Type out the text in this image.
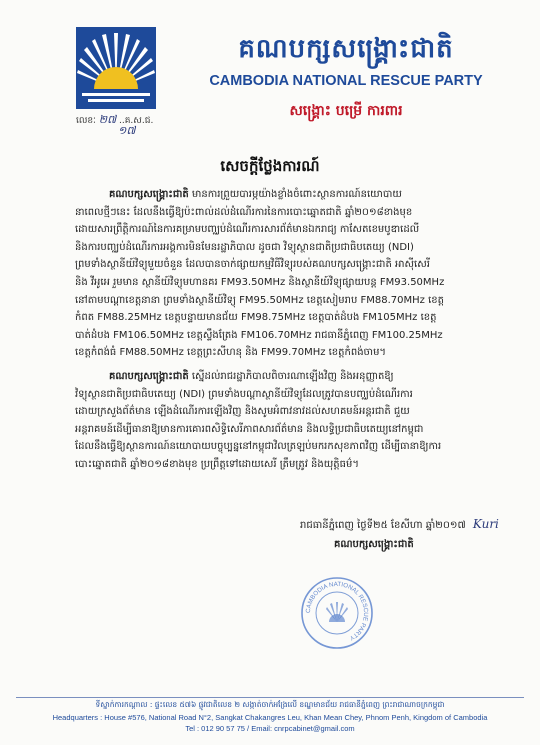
លេខៈ ២៧ ..គ.ស.ជ.
១៧
គណបក្សសង្គ្រោះជាតិ
CAMBODIA NATIONAL RESCUE PARTY
សង្គ្រោះ បម្រើ ការពារ
សេចក្តីថ្លែងការណ៍

គណបក្សសង្គ្រោះជាតិ មានការព្រួយបារម្ភយ៉ាងខ្លាំងចំពោះស្ថានការណ៍នយោបាយ

នាពេលថ្មីៗនេះ ដែលនឹងធ្វើឱ្យប៉ះពាល់ដល់ដំណើរការនៃការបោះឆ្នោតជាតិ ឆ្នាំ២០១៨ខាងមុខ

ដោយសារព្រឹត្តិការណ៍នៃការគម្រាមបញ្ឈប់ដំណើរការសារព័ត៌មានឯករាជ្យ កាសែតខេមបូឌាដេលី

និងការបញ្ឈប់ដំណើរការអង្គការមិនមែនរដ្ឋាភិបាល ដូចជា វិទ្យុស្ថានជាតិប្រជាធិបតេយ្យ (NDI)

ព្រមទាំងស្ថានីយ៍វិទ្យុមួយចំនួន ដែលបានចាក់ផ្សាយកម្មវិធីវិទ្យុរបស់គណបក្សសង្គ្រោះជាតិ អាស៊ីសេរី

និង វីអូអេ រួមមាន ស្ថានីយ៍វិទ្យុមហានគរ FM93.50MHz និងស្ថានីយ៍វិទ្យុផ្សាយបន្ត FM93.50MHz

នៅតាមបណ្តាខេត្តនានា ព្រមទាំងស្ថានីយ៍វិទ្យុ FM95.50MHz ខេត្តសៀមរាប FM88.70MHz ខេត្ត

កំពត FM88.25MHz ខេត្តបន្ទាយមានជ័យ FM98.75MHz ខេត្តបាត់ដំបង FM105MHz ខេត្ត

បាត់ដំបង FM106.50MHz ខេត្តស្ទឹងត្រែង FM106.70MHz រាជធានីភ្នំពេញ FM100.25MHz

ខេត្តកំពង់ធំ FM88.50MHz ខេត្តព្រះសីហនុ និង FM99.70MHz ខេត្តកំពង់ចាម។

គណបក្សសង្គ្រោះជាតិ ស្នើដល់រាជរដ្ឋាភិបាលពិចារណាឡើងវិញ និងអនុញ្ញាតឱ្យ

វិទ្យុស្ថានជាតិប្រជាធិបតេយ្យ (NDI) ព្រមទាំងបណ្តាស្ថានីយ៍វិទ្យុដែលត្រូវបានបញ្ឈប់ដំណើរការ

ដោយក្រសួងព័ត៌មាន ឡើងដំណើរការឡើងវិញ និងសូមអំពាវនាវដល់សហគមន៍អន្តរជាតិ ជួយ

អន្តរាគមន៍ដើម្បីធានាឱ្យមានការគោរពសិទ្ធិសេរីភាពសារព័ត៌មាន និងលទ្ធិប្រជាធិបតេយ្យនៅកម្ពុជា

ដែលនឹងធ្វើឱ្យស្ថានការណ៍នយោបាយបច្ចុប្បន្ននៅកម្ពុជាវិលត្រឡប់មករកសុខភាពវិញ ដើម្បីធានាឱ្យការ

បោះឆ្នោតជាតិ ឆ្នាំ២០១៨ខាងមុខ ប្រព្រឹត្តទៅដោយសេរី ត្រឹមត្រូវ និងយុត្តិធម៌។

រាជធានីភ្នំពេញ ថ្ងៃទី២៥ ខែសីហា ឆ្នាំ២០១៧ Kuri
គណបក្សសង្គ្រោះជាតិ
CAMBODIA NATIONAL RESCUE PARTY
ទីស្នាក់ការកណ្តាល : ផ្ទះលេខ ៥៧៦ ផ្លូវជាតិលេខ ២ សង្កាត់ចាក់អង្រែលើ ខណ្ឌមានជ័យ រាជធានីភ្នំពេញ ព្រះរាជាណាចក្រកម្ពុជា
Headquarters : House #576, National Road N°2, Sangkat Chakangres Leu, Khan Mean Chey, Phnom Penh, Kingdom of Cambodia
Tel : 012 90 57 75 / Email: cnrpcabinet@gmail.com
